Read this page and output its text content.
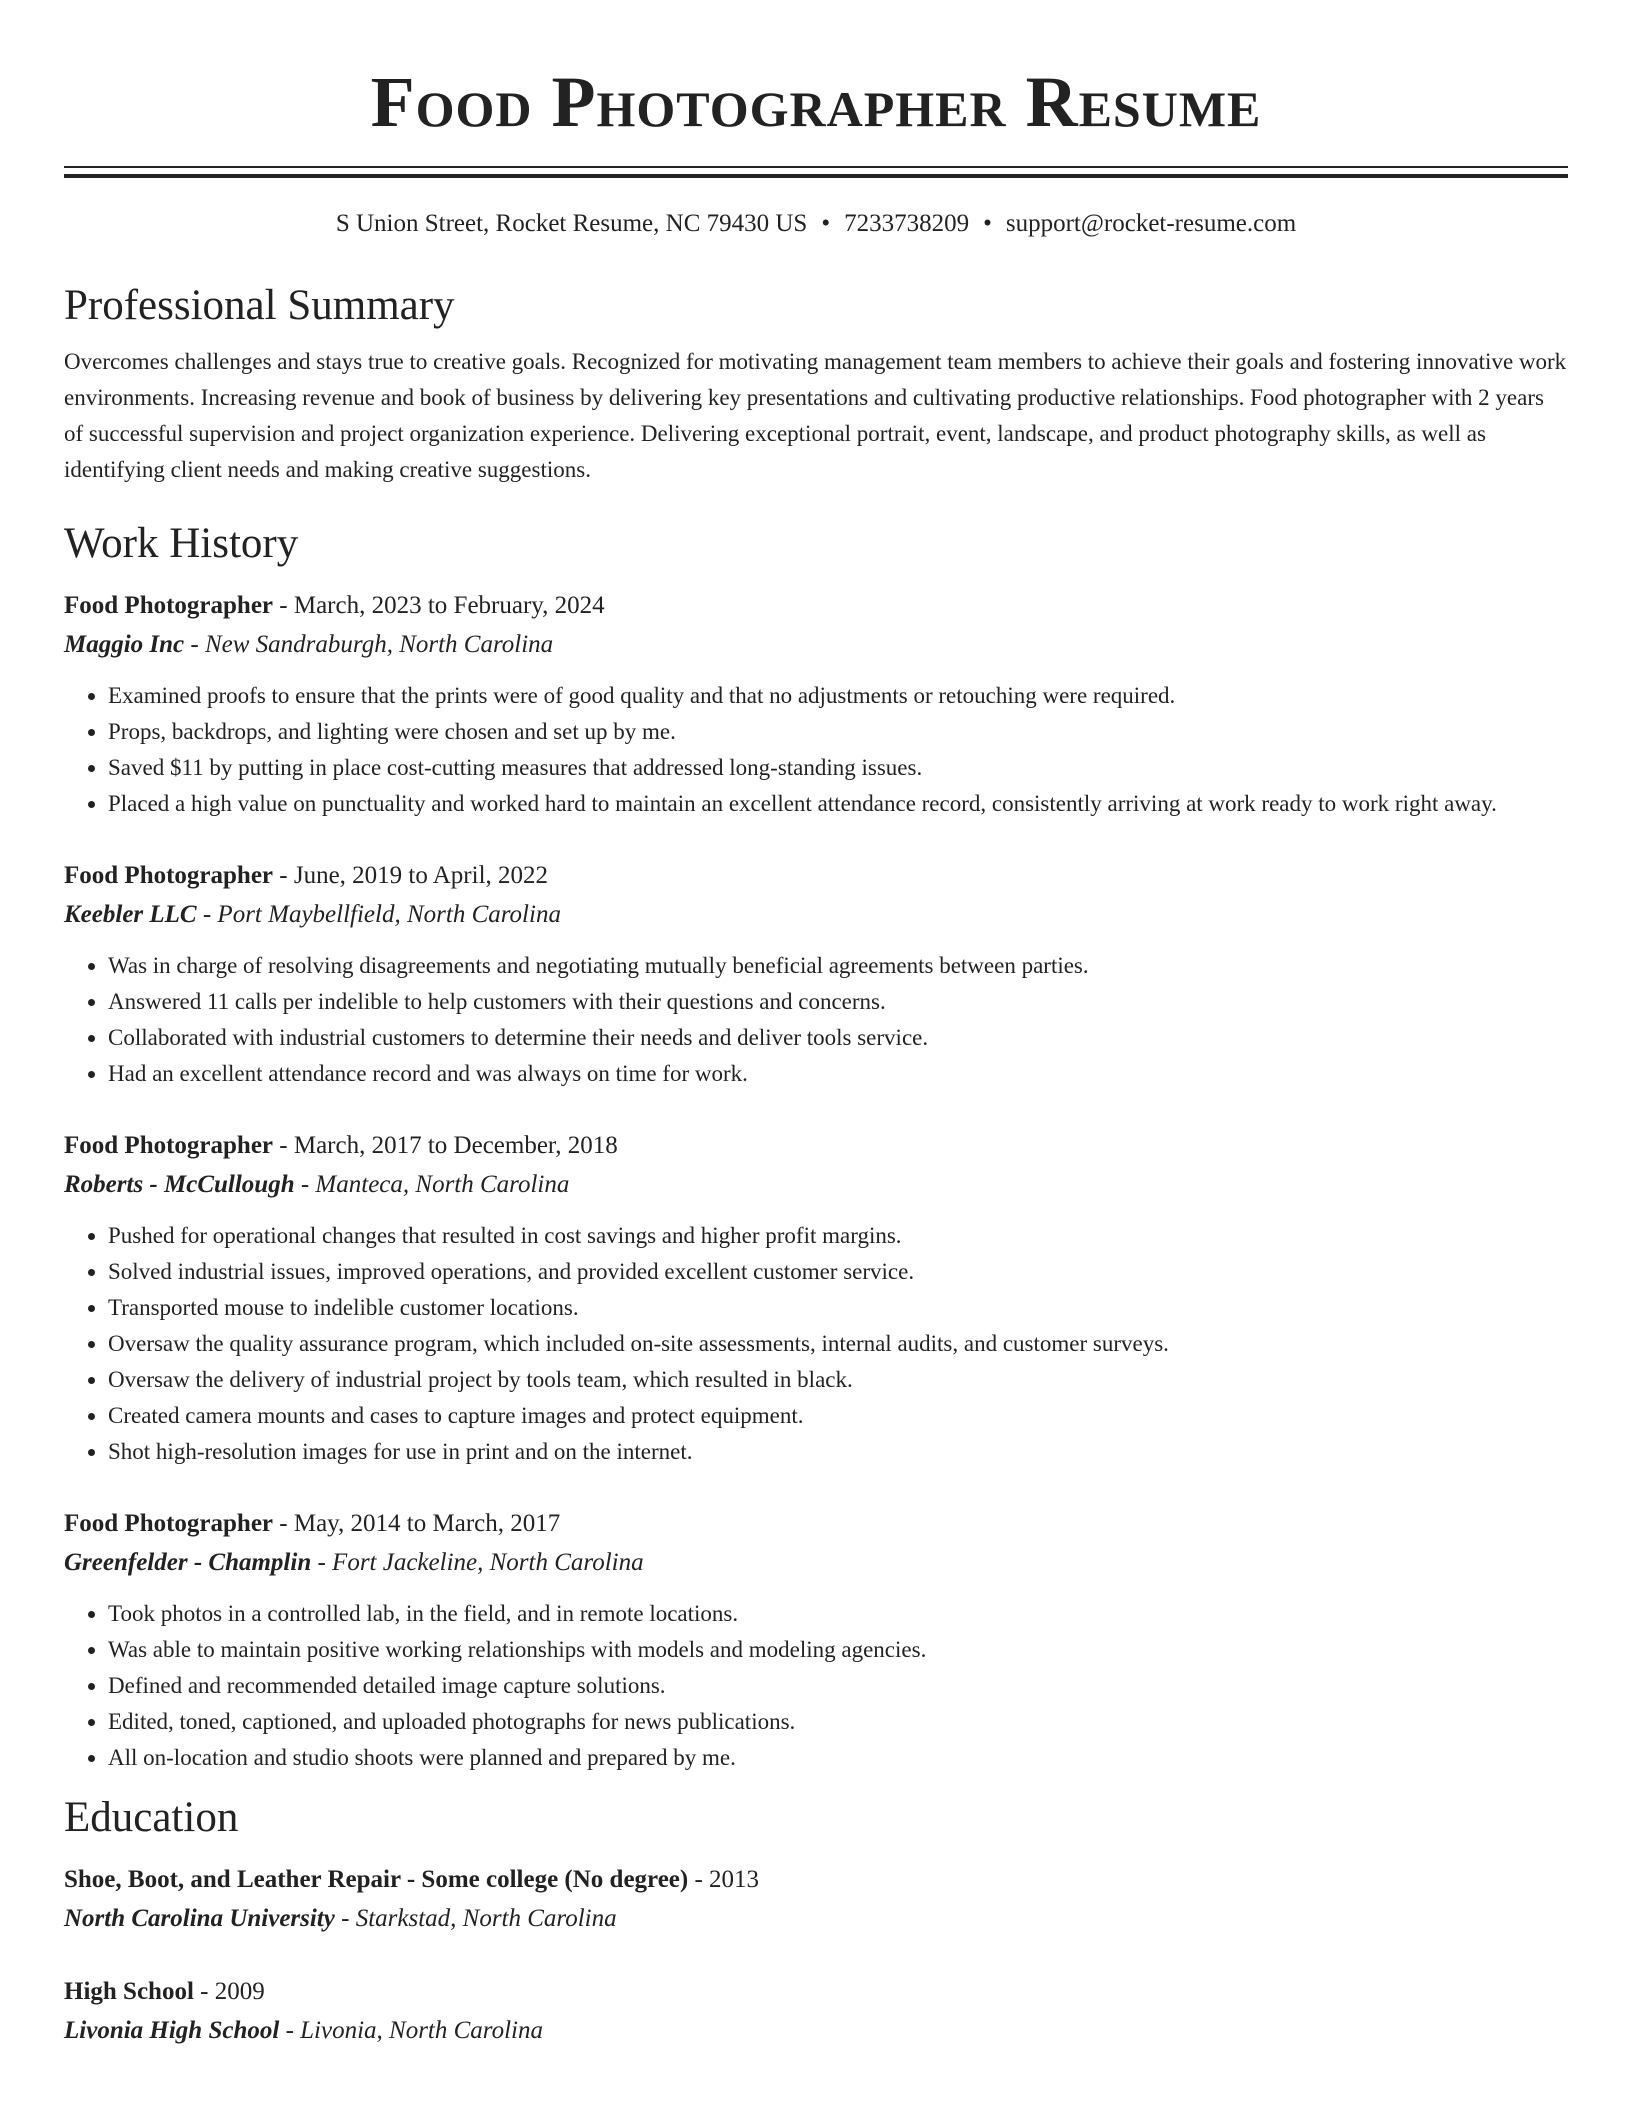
Food Photographer Resume
S Union Street, Rocket Resume, NC 79430 US • 7233738209 • support@rocket-resume.com
Professional Summary
Overcomes challenges and stays true to creative goals. Recognized for motivating management team members to achieve their goals and fostering innovative work environments. Increasing revenue and book of business by delivering key presentations and cultivating productive relationships. Food photographer with 2 years of successful supervision and project organization experience. Delivering exceptional portrait, event, landscape, and product photography skills, as well as identifying client needs and making creative suggestions.
Work History
Food Photographer - March, 2023 to February, 2024
Maggio Inc - New Sandraburgh, North Carolina
• Examined proofs to ensure that the prints were of good quality and that no adjustments or retouching were required.
• Props, backdrops, and lighting were chosen and set up by me.
• Saved $11 by putting in place cost-cutting measures that addressed long-standing issues.
• Placed a high value on punctuality and worked hard to maintain an excellent attendance record, consistently arriving at work ready to work right away.
Food Photographer - June, 2019 to April, 2022
Keebler LLC - Port Maybellfield, North Carolina
• Was in charge of resolving disagreements and negotiating mutually beneficial agreements between parties.
• Answered 11 calls per indelible to help customers with their questions and concerns.
• Collaborated with industrial customers to determine their needs and deliver tools service.
• Had an excellent attendance record and was always on time for work.
Food Photographer - March, 2017 to December, 2018
Roberts - McCullough - Manteca, North Carolina
• Pushed for operational changes that resulted in cost savings and higher profit margins.
• Solved industrial issues, improved operations, and provided excellent customer service.
• Transported mouse to indelible customer locations.
• Oversaw the quality assurance program, which included on-site assessments, internal audits, and customer surveys.
• Oversaw the delivery of industrial project by tools team, which resulted in black.
• Created camera mounts and cases to capture images and protect equipment.
• Shot high-resolution images for use in print and on the internet.
Food Photographer - May, 2014 to March, 2017
Greenfelder - Champlin - Fort Jackeline, North Carolina
• Took photos in a controlled lab, in the field, and in remote locations.
• Was able to maintain positive working relationships with models and modeling agencies.
• Defined and recommended detailed image capture solutions.
• Edited, toned, captioned, and uploaded photographs for news publications.
• All on-location and studio shoots were planned and prepared by me.
Education
Shoe, Boot, and Leather Repair - Some college (No degree) - 2013
North Carolina University - Starkstad, North Carolina
High School - 2009
Livonia High School - Livonia, North Carolina
